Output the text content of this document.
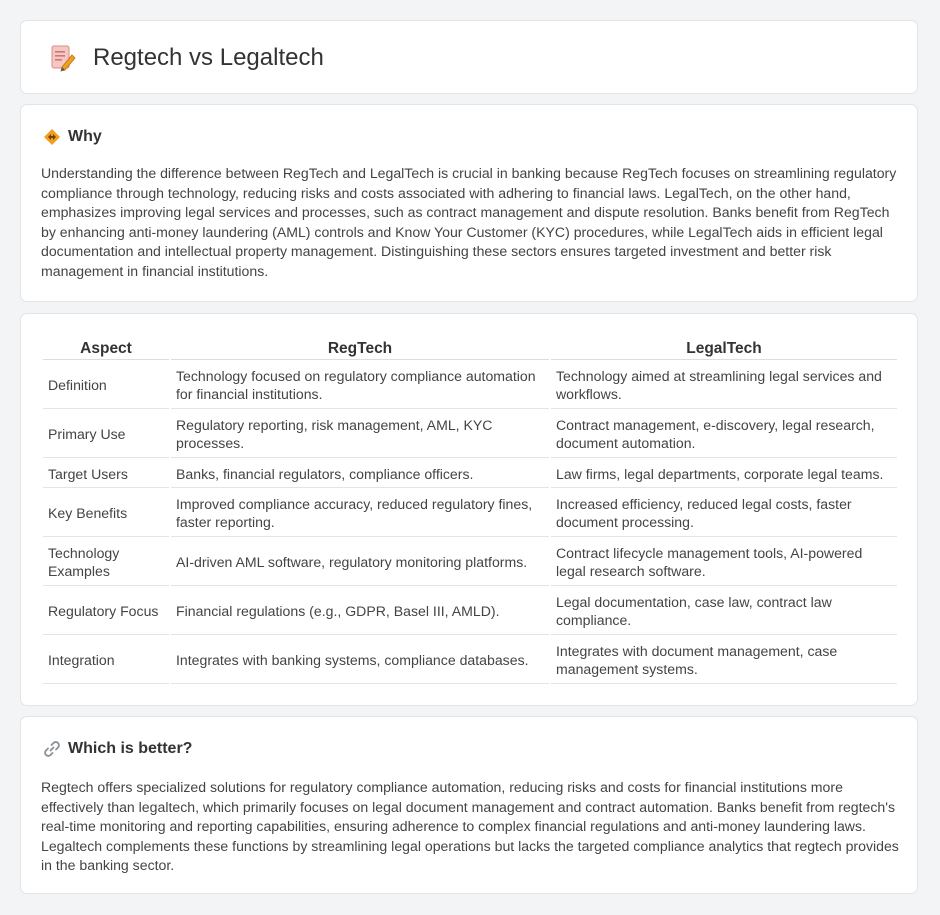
Regtech vs Legaltech
Why

Understanding the difference between RegTech and LegalTech is crucial in banking because RegTech focuses on streamlining regulatory compliance through technology, reducing risks and costs associated with adhering to financial laws. LegalTech, on the other hand, emphasizes improving legal services and processes, such as contract management and dispute resolution. Banks benefit from RegTech by enhancing anti-money laundering (AML) controls and Know Your Customer (KYC) procedures, while LegalTech aids in efficient legal documentation and intellectual property management. Distinguishing these sectors ensures targeted investment and better risk management in financial institutions.

Aspect	RegTech	LegalTech
Definition	Technology focused on regulatory compliance automation for financial institutions.	Technology aimed at streamlining legal services and workflows.
Primary Use	Regulatory reporting, risk management, AML, KYC processes.	Contract management, e-discovery, legal research, document automation.
Target Users	Banks, financial regulators, compliance officers.	Law firms, legal departments, corporate legal teams.
Key Benefits	Improved compliance accuracy, reduced regulatory fines, faster reporting.	Increased efficiency, reduced legal costs, faster document processing.
Technology Examples	AI-driven AML software, regulatory monitoring platforms.	Contract lifecycle management tools, AI-powered legal research software.
Regulatory Focus	Financial regulations (e.g., GDPR, Basel III, AMLD).	Legal documentation, case law, contract law compliance.
Integration	Integrates with banking systems, compliance databases.	Integrates with document management, case management systems.
Which is better?

Regtech offers specialized solutions for regulatory compliance automation, reducing risks and costs for financial institutions more effectively than legaltech, which primarily focuses on legal document management and contract automation. Banks benefit from regtech's real-time monitoring and reporting capabilities, ensuring adherence to complex financial regulations and anti-money laundering laws. Legaltech complements these functions by streamlining legal operations but lacks the targeted compliance analytics that regtech provides in the banking sector.
